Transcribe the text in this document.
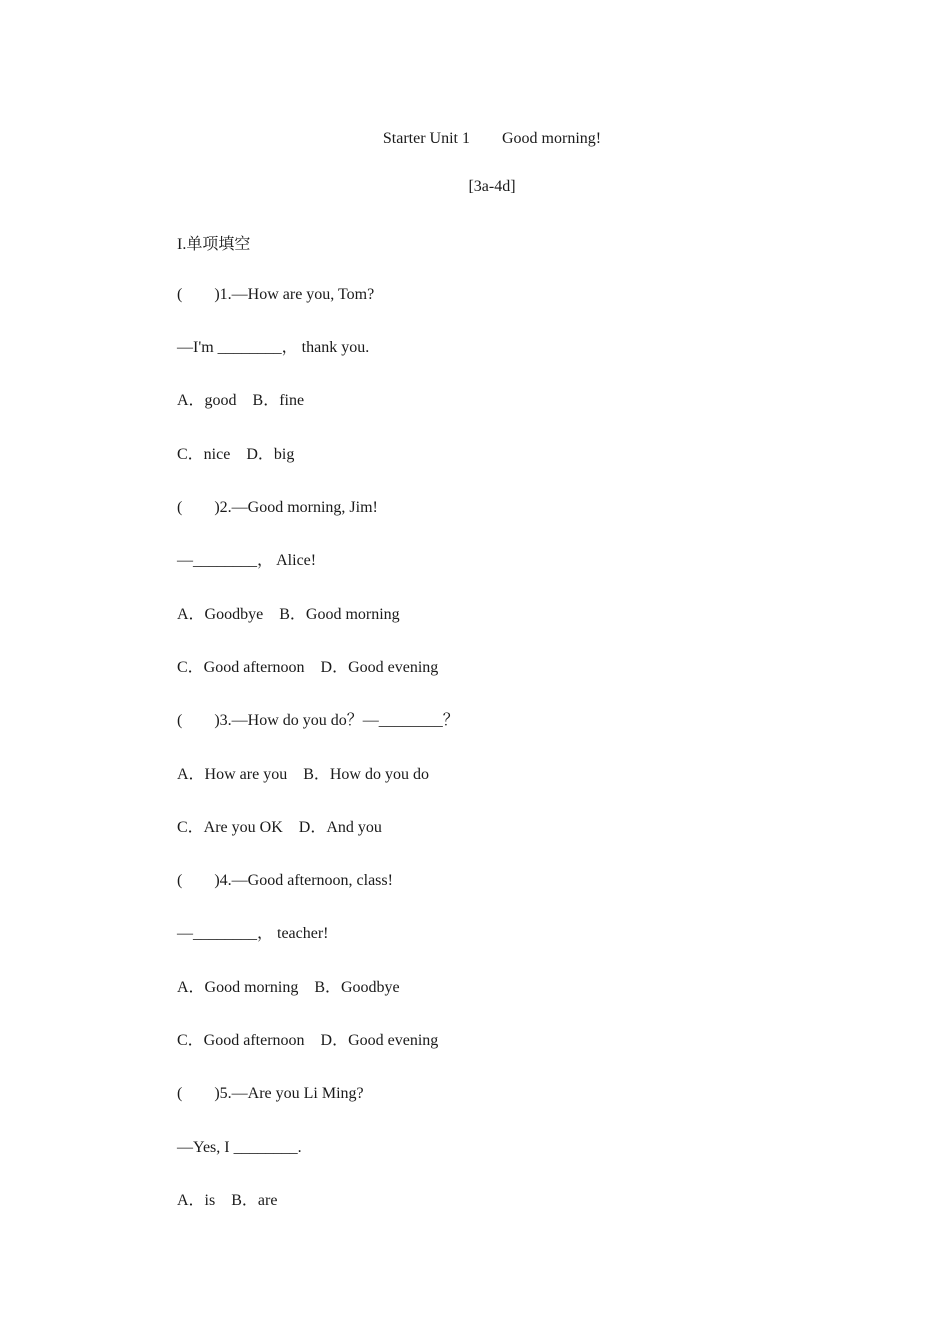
Starter Unit 1　　Good morning!
[3a-4d]
I.单项填空
(　　)1.—How are you, Tom?
—I'm ________， thank you.
A．good　B．fine
C．nice　D．big
(　　)2.—Good morning, Jim!
—________， Alice!
A．Goodbye　B．Good morning
C．Good afternoon　D．Good evening
(　　)3.—How do you do？—________？
A．How are you　B．How do you do
C．Are you OK　D．And you
(　　)4.—Good afternoon, class!
—________， teacher!
A．Good morning　B．Goodbye
C．Good afternoon　D．Good evening
(　　)5.—Are you Li Ming?
—Yes, I ________.
A．is　B．are
